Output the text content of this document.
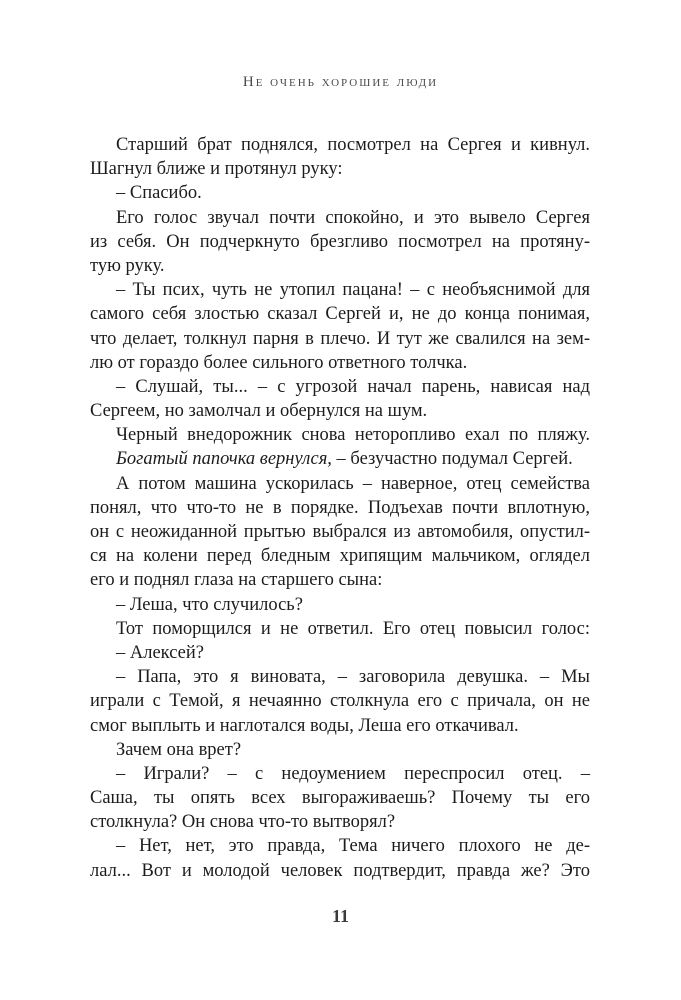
Не очень хорошие люди
Старший брат поднялся, посмотрел на Сергея и кивнул.
Шагнул ближе и протянул руку:
– Спасибо.
Его голос звучал почти спокойно, и это вывело Сергея
из себя. Он подчеркнуто брезгливо посмотрел на протяну-
тую руку.
– Ты псих, чуть не утопил пацана! – с необъяснимой для
самого себя злостью сказал Сергей и, не до конца понимая,
что делает, толкнул парня в плечо. И тут же свалился на зем-
лю от гораздо более сильного ответного толчка.
– Слушай, ты... – с угрозой начал парень, нависая над
Сергеем, но замолчал и обернулся на шум.
Черный внедорожник снова неторопливо ехал по пляжу.
Богатый папочка вернулся, – безучастно подумал Сергей.
А потом машина ускорилась – наверное, отец семейства
понял, что что-то не в порядке. Подъехав почти вплотную,
он с неожиданной прытью выбрался из автомобиля, опустил-
ся на колени перед бледным хрипящим мальчиком, оглядел
его и поднял глаза на старшего сына:
– Леша, что случилось?
Тот поморщился и не ответил. Его отец повысил голос:
– Алексей?
– Папа, это я виновата, – заговорила девушка. – Мы
играли с Темой, я нечаянно столкнула его с причала, он не
смог выплыть и наглотался воды, Леша его откачивал.
Зачем она врет?
– Играли? – с недоумением переспросил отец. –
Саша, ты опять всех выгораживаешь? Почему ты его
столкнула? Он снова что-то вытворял?
– Нет, нет, это правда, Тема ничего плохого не де-
лал... Вот и молодой человек подтвердит, правда же? Это
11
